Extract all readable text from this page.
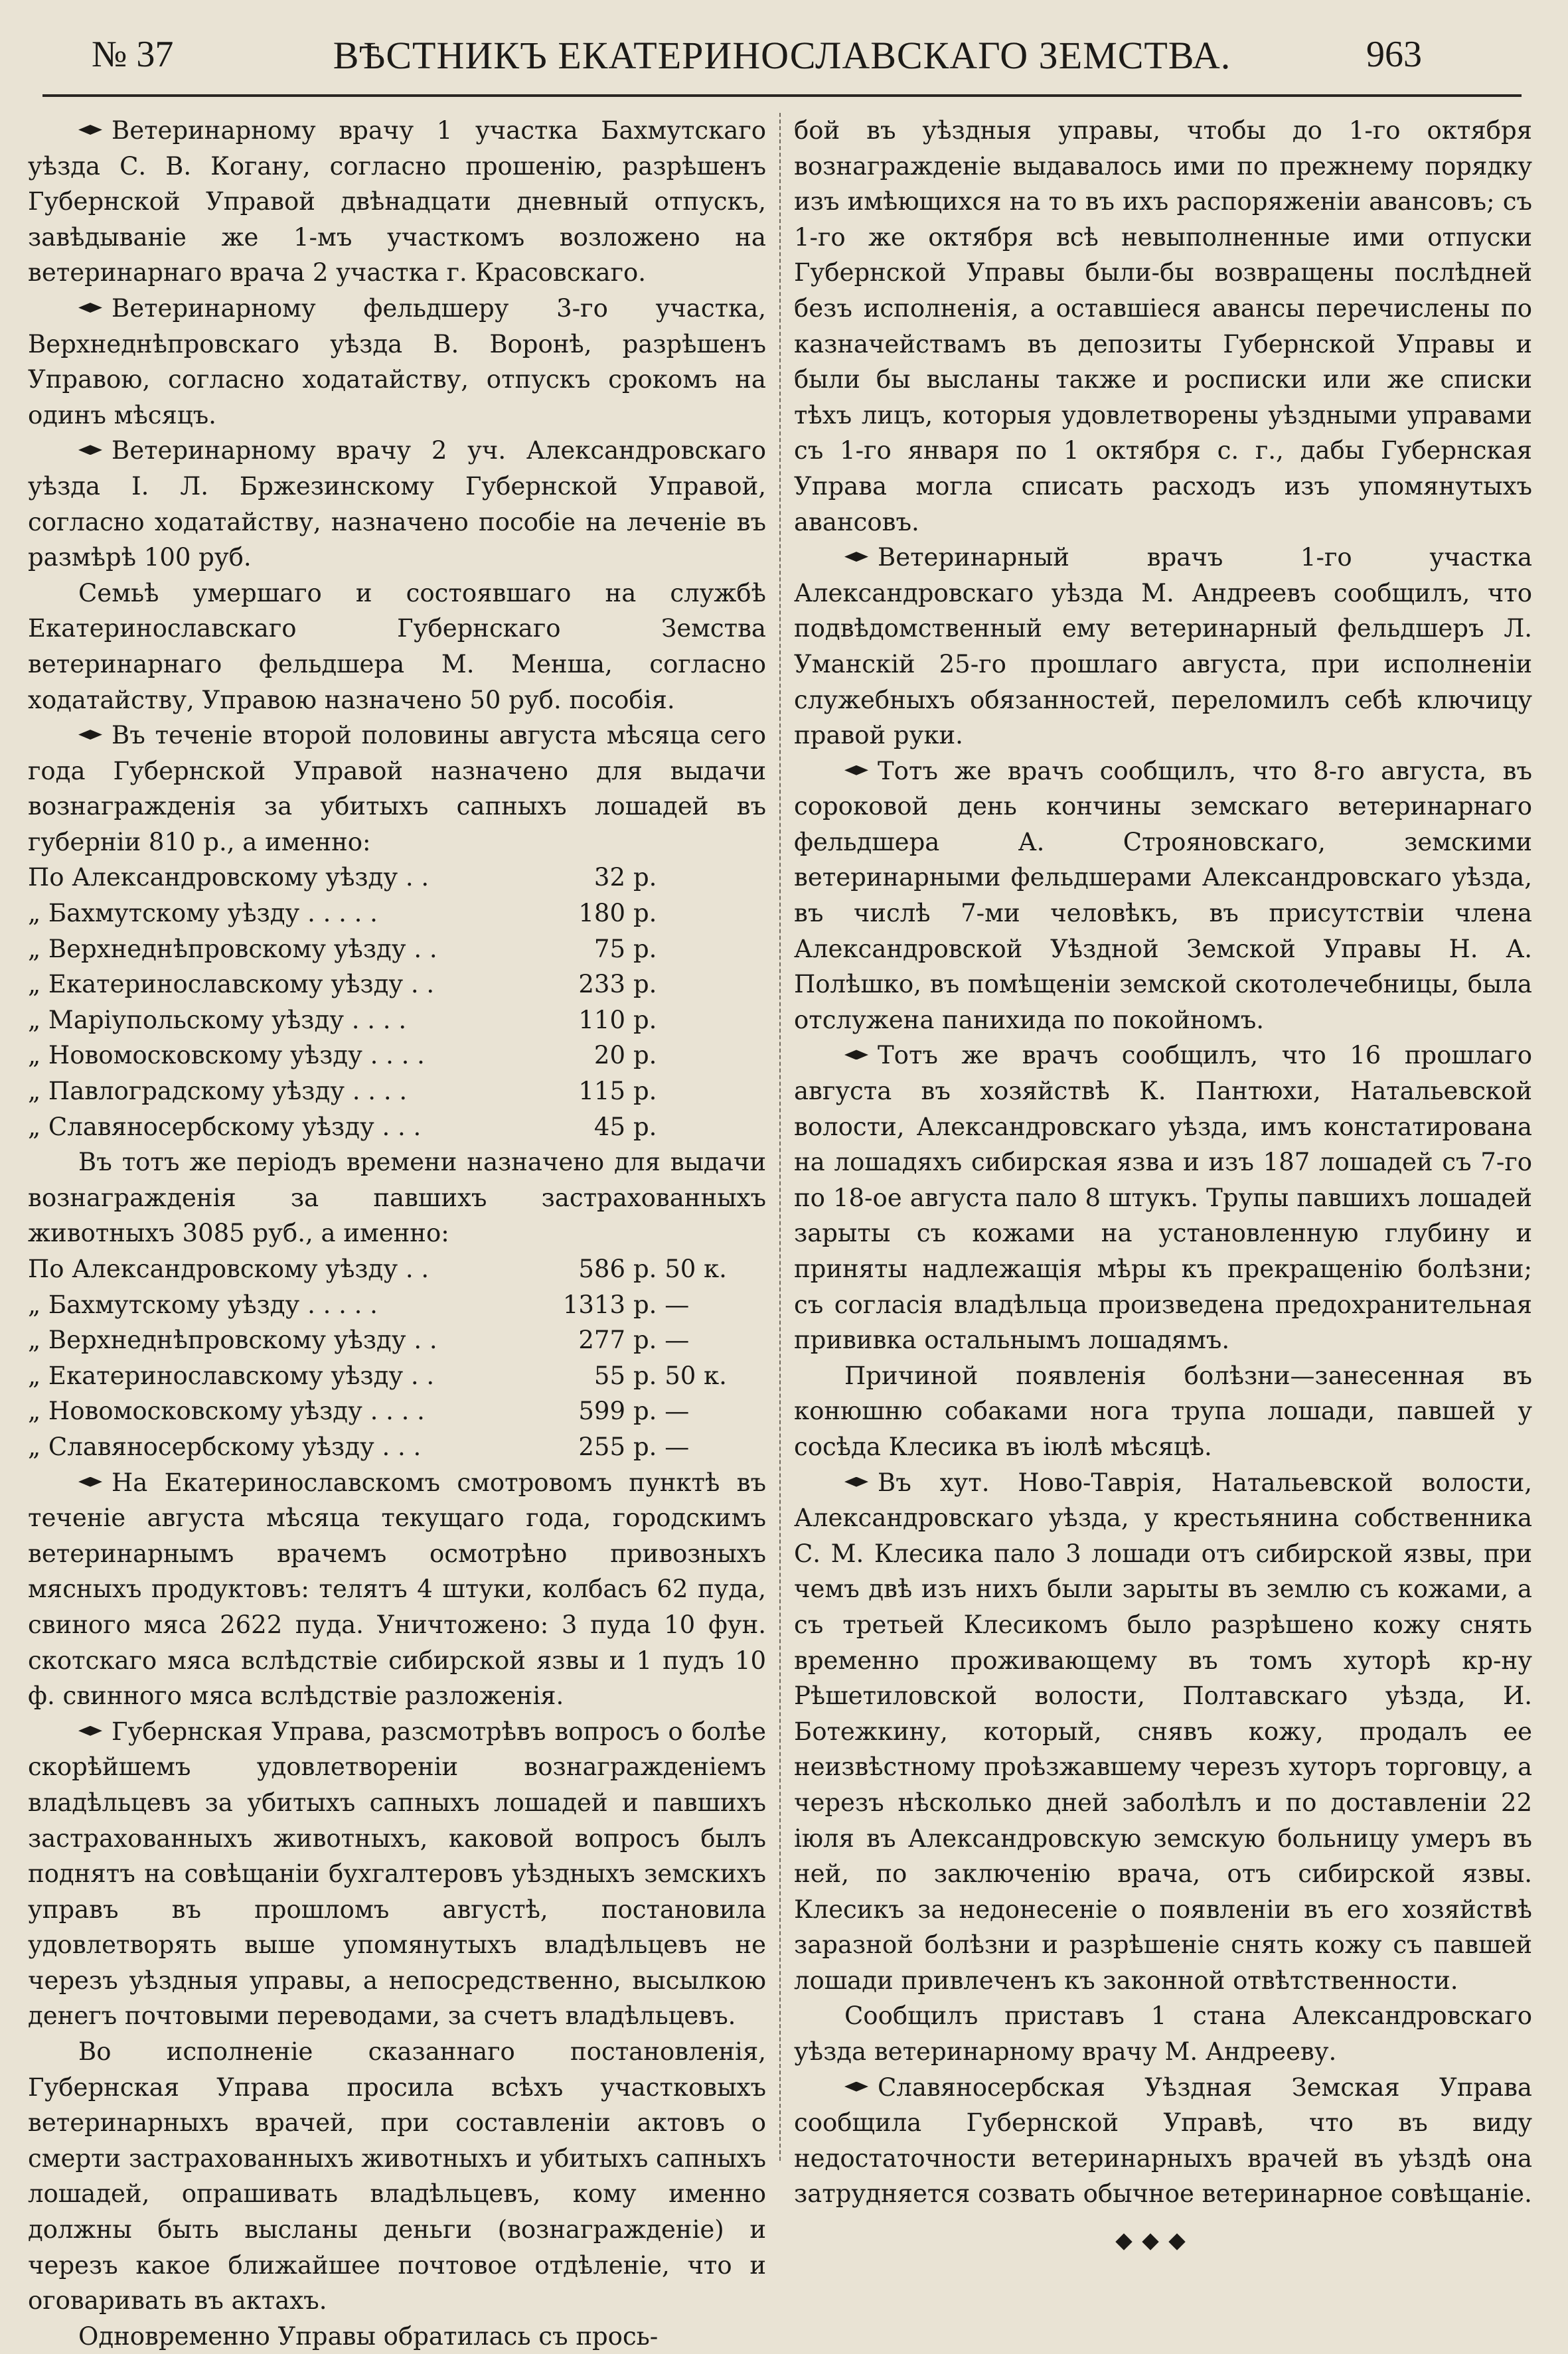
№ 37	ВѢСТНИКЪ ЕКАТЕРИНОСЛАВСКАГО ЗЕМСТВА.	963

Ветеринарному врачу 1 участка Бахмутскаго уѣзда С. В. Когану, согласно прошенію, разрѣшенъ Губернской Управой двѣнадцати дневный отпускъ, завѣдываніе же 1-мъ участкомъ возложено на ветеринарнаго врача 2 участка г. Красовскаго.

Ветеринарному фельдшеру 3-го участка, Верхнеднѣпровскаго уѣзда В. Воронѣ, разрѣшенъ Управою, согласно ходатайству, отпускъ срокомъ на одинъ мѣсяцъ.

Ветеринарному врачу 2 уч. Александровскаго уѣзда І. Л. Бржезинскому Губернской Управой, согласно ходатайству, назначено пособіе на леченіе въ размѣрѣ 100 руб.

Семьѣ умершаго и состоявшаго на службѣ Екатеринославскаго Губернскаго Земства ветеринарнаго фельдшера М. Менша, согласно ходатайству, Управою назначено 50 руб. пособія.

Въ теченіе второй половины августа мѣсяца сего года Губернской Управой назначено для выдачи вознагражденія за убитыхъ сапныхъ лошадей въ губерніи 810 р., а именно:

По Александровскому уѣзду . .	32	р.
„ Бахмутскому уѣзду . . . . .	180	р.
„ Верхнеднѣпровскому уѣзду . .	75	р.
„ Екатеринославскому уѣзду . .	233	р.
„ Маріупольскому уѣзду . . . .	110	р.
„ Новомосковскому уѣзду . . . .	20	р.
„ Павлоградскому уѣзду . . . .	115	р.
„ Славяносербскому уѣзду . . .	45	р.

Въ тотъ же періодъ времени назначено для выдачи вознагражденія за павшихъ застрахованныхъ животныхъ 3085 руб., а именно:

По Александровскому уѣзду . .	586	р. 50 к.
„ Бахмутскому уѣзду . . . . .	1313	р. —
„ Верхнеднѣпровскому уѣзду . .	277	р. —
„ Екатеринославскому уѣзду . .	55	р. 50 к.
„ Новомосковскому уѣзду . . . .	599	р. —
„ Славяносербскому уѣзду . . .	255	р. —

На Екатеринославскомъ смотровомъ пунктѣ въ теченіе августа мѣсяца текущаго года, городскимъ ветеринарнымъ врачемъ осмотрѣно привозныхъ мясныхъ продуктовъ: телятъ 4 штуки, колбасъ 62 пуда, свиного мяса 2622 пуда. Уничтожено: 3 пуда 10 фун. скотскаго мяса вслѣдствіе сибирской язвы и 1 пудъ 10 ф. свинного мяса вслѣдствіе разложенія.

Губернская Управа, разсмотрѣвъ вопросъ о болѣе скорѣйшемъ удовлетвореніи вознагражденіемъ владѣльцевъ за убитыхъ сапныхъ лошадей и павшихъ застрахованныхъ животныхъ, каковой вопросъ былъ поднятъ на совѣщаніи бухгалтеровъ уѣздныхъ земскихъ управъ въ прошломъ августѣ, постановила удовлетворять выше упомянутыхъ владѣльцевъ не черезъ уѣздныя управы, а непосредственно, высылкою денегъ почтовыми переводами, за счетъ владѣльцевъ.

Во исполненіе сказаннаго постановленія, Губернская Управа просила всѣхъ участковыхъ ветеринарныхъ врачей, при составленіи актовъ о смерти застрахованныхъ животныхъ и убитыхъ сапныхъ лошадей, опрашивать владѣльцевъ, кому именно должны быть высланы деньги (вознагражденіе) и черезъ какое ближайшее почтовое отдѣленіе, что и оговаривать въ актахъ.

Одновременно Управы обратилась съ прось-

бой въ уѣздныя управы, чтобы до 1-го октября вознагражденіе выдавалось ими по прежнему порядку изъ имѣющихся на то въ ихъ распоряженіи авансовъ; съ 1-го же октября всѣ невыполненные ими отпуски Губернской Управы были-бы возвращены послѣдней безъ исполненія, а оставшіеся авансы перечислены по казначействамъ въ депозиты Губернской Управы и были бы высланы также и росписки или же списки тѣхъ лицъ, которыя удовлетворены уѣздными управами съ 1-го января по 1 октября с. г., дабы Губернская Управа могла списать расходъ изъ упомянутыхъ авансовъ.

Ветеринарный врачъ 1-го участка Александровскаго уѣзда М. Андреевъ сообщилъ, что подвѣдомственный ему ветеринарный фельдшеръ Л. Уманскій 25-го прошлаго августа, при исполненіи служебныхъ обязанностей, переломилъ себѣ ключицу правой руки.

Тотъ же врачъ сообщилъ, что 8-го августа, въ сороковой день кончины земскаго ветеринарнаго фельдшера А. Строяновскаго, земскими ветеринарными фельдшерами Александровскаго уѣзда, въ числѣ 7-ми человѣкъ, въ присутствіи члена Александровской Уѣздной Земской Управы Н. А. Полѣшко, въ помѣщеніи земской скотолечебницы, была отслужена панихида по покойномъ.

Тотъ же врачъ сообщилъ, что 16 прошлаго августа въ хозяйствѣ К. Пантюхи, Натальевской волости, Александровскаго уѣзда, имъ констатирована на лошадяхъ сибирская язва и изъ 187 лошадей съ 7-го по 18-ое августа пало 8 штукъ. Трупы павшихъ лошадей зарыты съ кожами на установленную глубину и приняты надлежащія мѣры къ прекращенію болѣзни; съ согласія владѣльца произведена предохранительная прививка остальнымъ лошадямъ.

Причиной появленія болѣзни—занесенная въ конюшню собаками нога трупа лошади, павшей у сосѣда Клесика въ іюлѣ мѣсяцѣ.

Въ хут. Ново-Таврія, Натальевской волости, Александровскаго уѣзда, у крестьянина собственника С. М. Клесика пало 3 лошади отъ сибирской язвы, при чемъ двѣ изъ нихъ были зарыты въ землю съ кожами, а съ третьей Клесикомъ было разрѣшено кожу снять временно проживающему въ томъ хуторѣ кр-ну Рѣшетиловской волости, Полтавскаго уѣзда, И. Ботежкину, который, снявъ кожу, продалъ ее неизвѣстному проѣзжавшему черезъ хуторъ торговцу, а черезъ нѣсколько дней заболѣлъ и по доставленіи 22 іюля въ Александровскую земскую больницу умеръ въ ней, по заключенію врача, отъ сибирской язвы. Клесикъ за недонесеніе о появленіи въ его хозяйствѣ заразной болѣзни и разрѣшеніе снять кожу съ павшей лошади привлеченъ къ законной отвѣтственности.

Сообщилъ приставъ 1 стана Александровскаго уѣзда ветеринарному врачу М. Андрееву.

Славяносербская Уѣздная Земская Управа сообщила Губернской Управѣ, что въ виду недостаточности ветеринарныхъ врачей въ уѣздѣ она затрудняется созвать обычное ветеринарное совѣщаніе.
